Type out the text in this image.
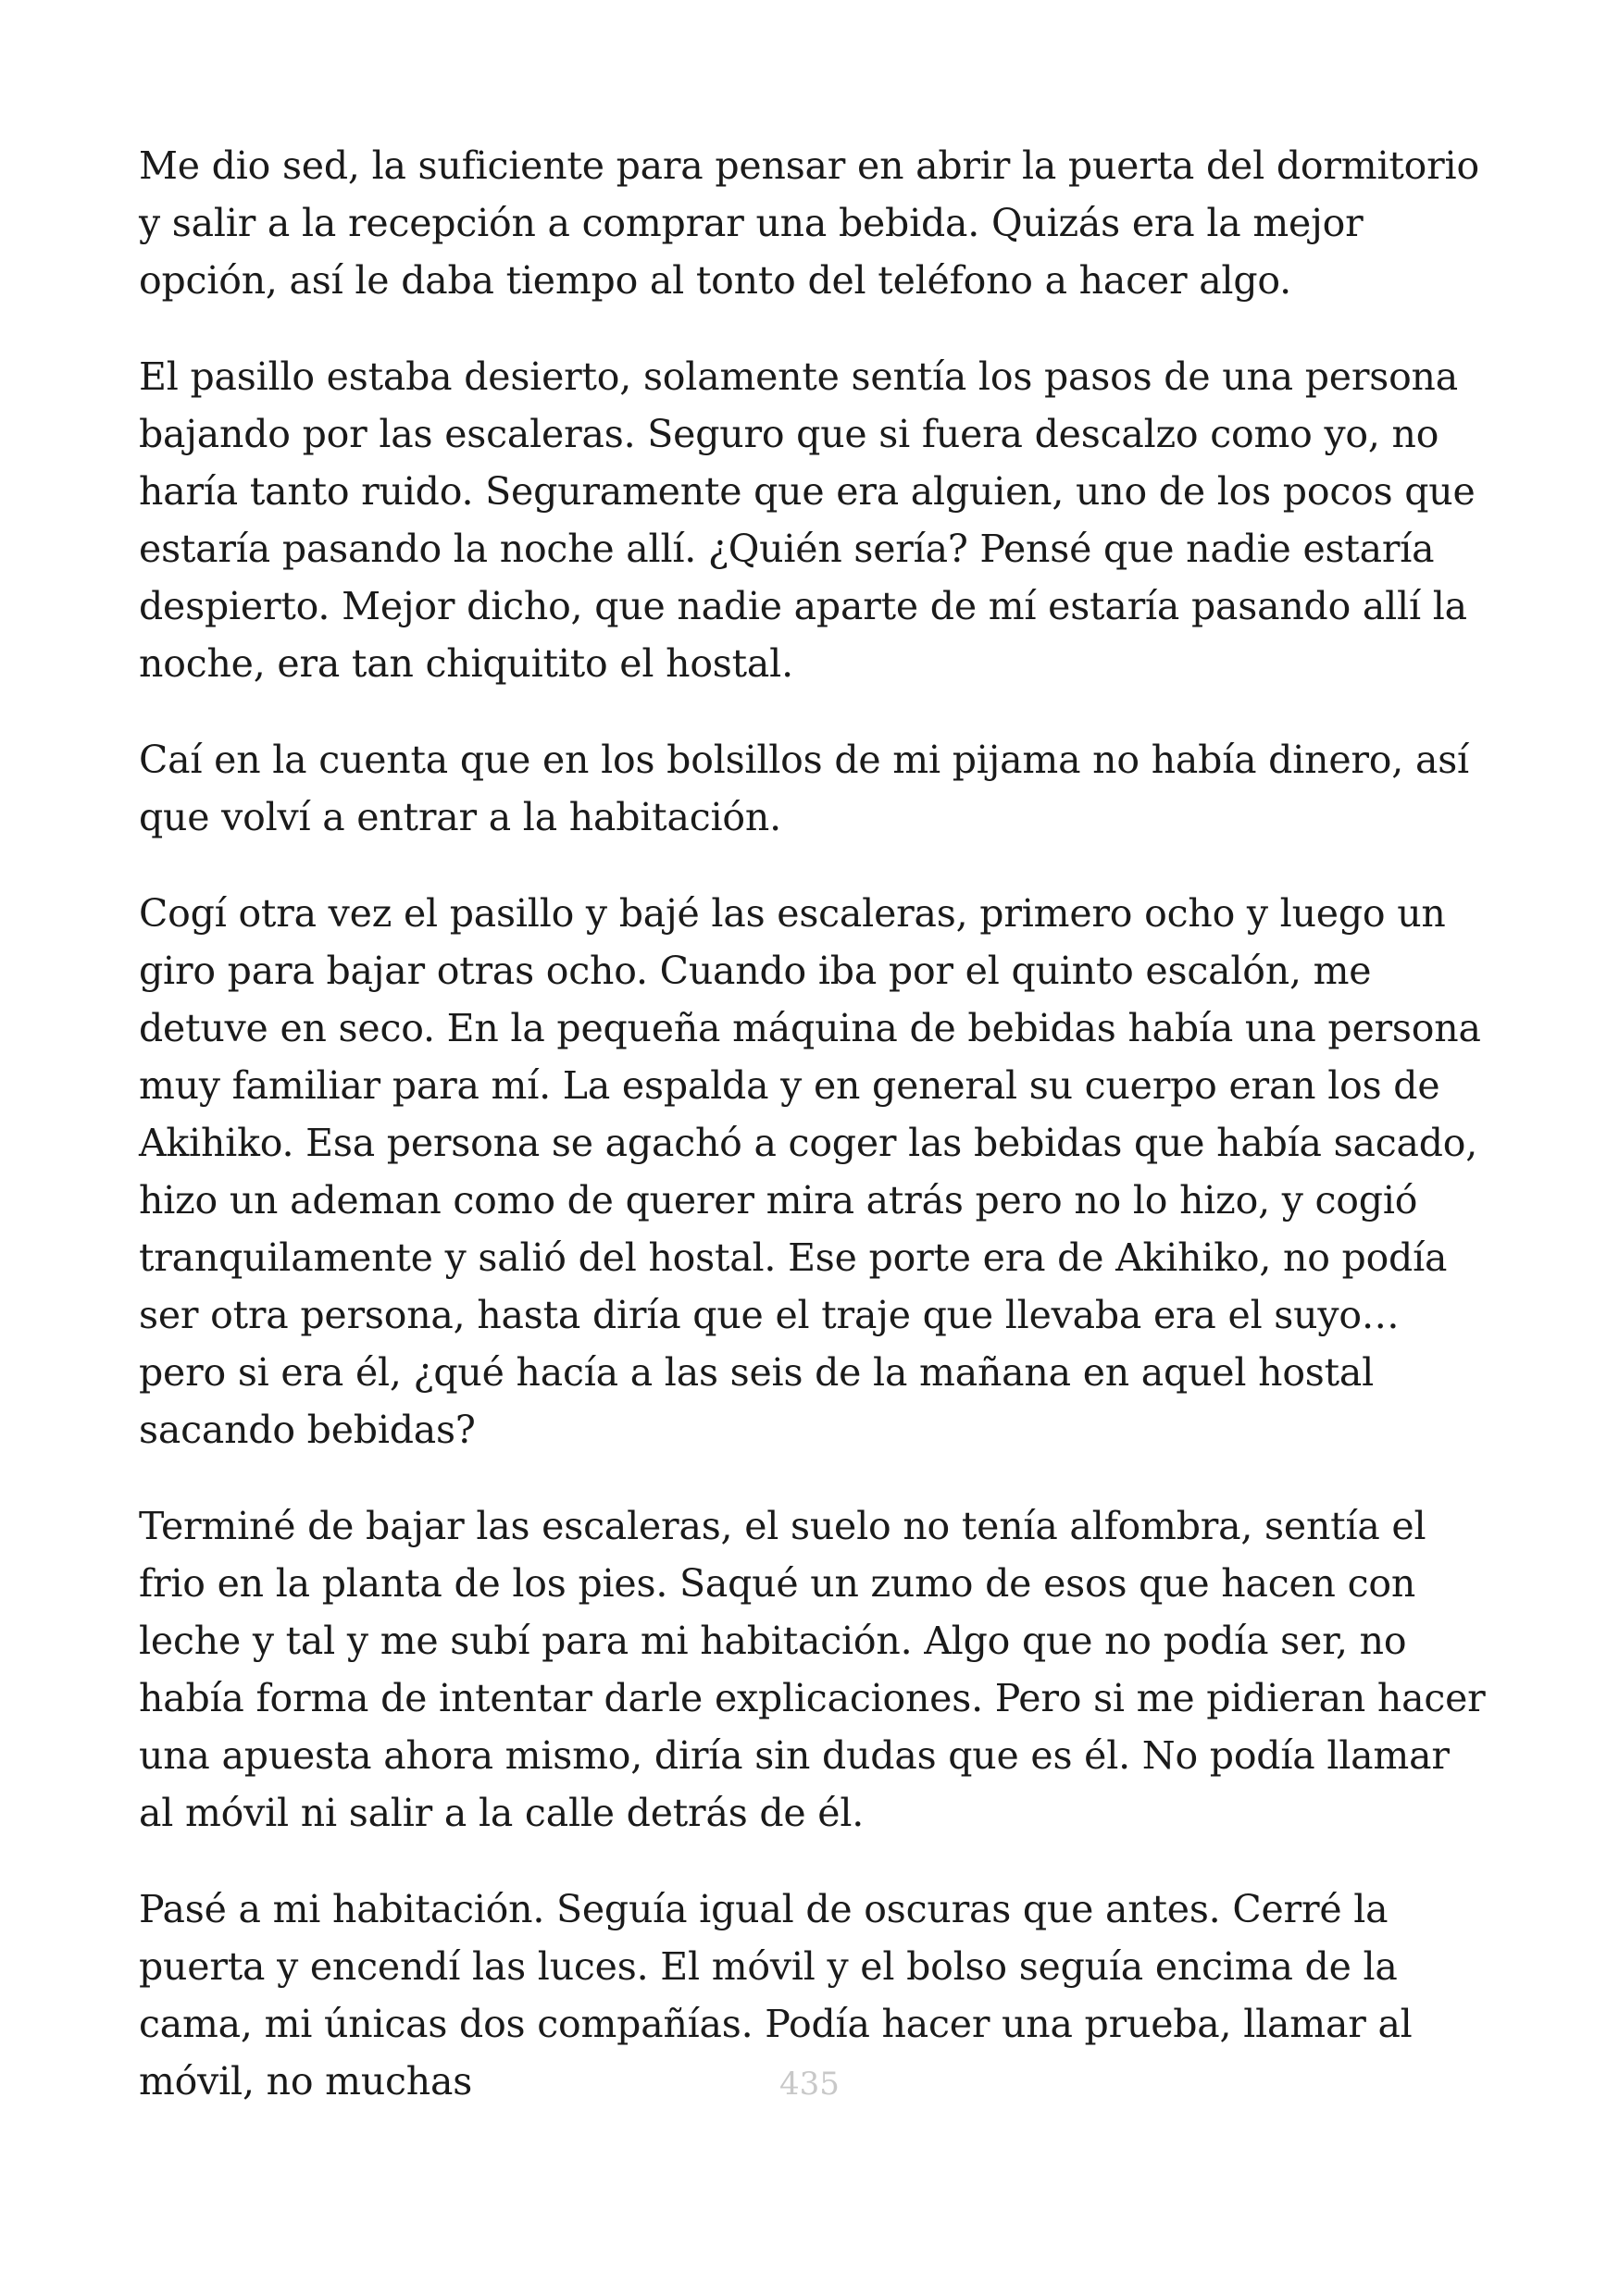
Me dio sed, la suficiente para pensar en abrir la puerta del dormitorio y salir a la recepción a comprar una bebida. Quizás era la mejor opción, así le daba tiempo al tonto del teléfono a hacer algo.

El pasillo estaba desierto, solamente sentía los pasos de una persona bajando por las escaleras. Seguro que si fuera descalzo como yo, no haría tanto ruido. Seguramente que era alguien, uno de los pocos que estaría pasando la noche allí. ¿Quién sería? Pensé que nadie estaría despierto. Mejor dicho, que nadie aparte de mí estaría pasando allí la noche, era tan chiquitito el hostal.

Caí en la cuenta que en los bolsillos de mi pijama no había dinero, así que volví a entrar a la habitación.

Cogí otra vez el pasillo y bajé las escaleras, primero ocho y luego un giro para bajar otras ocho. Cuando iba por el quinto escalón, me detuve en seco. En la pequeña máquina de bebidas había una persona muy familiar para mí. La espalda y en general su cuerpo eran los de Akihiko. Esa persona se agachó a coger las bebidas que había sacado, hizo un ademan como de querer mira atrás pero no lo hizo, y cogió tranquilamente y salió del hostal. Ese porte era de Akihiko, no podía ser otra persona, hasta diría que el traje que llevaba era el suyo… pero si era él, ¿qué hacía a las seis de la mañana en aquel hostal sacando bebidas?

Terminé de bajar las escaleras, el suelo no tenía alfombra, sentía el frio en la planta de los pies. Saqué un zumo de esos que hacen con leche y tal y me subí para mi habitación. Algo que no podía ser, no había forma de intentar darle explicaciones. Pero si me pidieran hacer una apuesta ahora mismo, diría sin dudas que es él. No podía llamar al móvil ni salir a la calle detrás de él.

Pasé a mi habitación. Seguía igual de oscuras que antes. Cerré la puerta y encendí las luces. El móvil y el bolso seguía encima de la cama, mi únicas dos compañías. Podía hacer una prueba, llamar al móvil, no muchas	435
